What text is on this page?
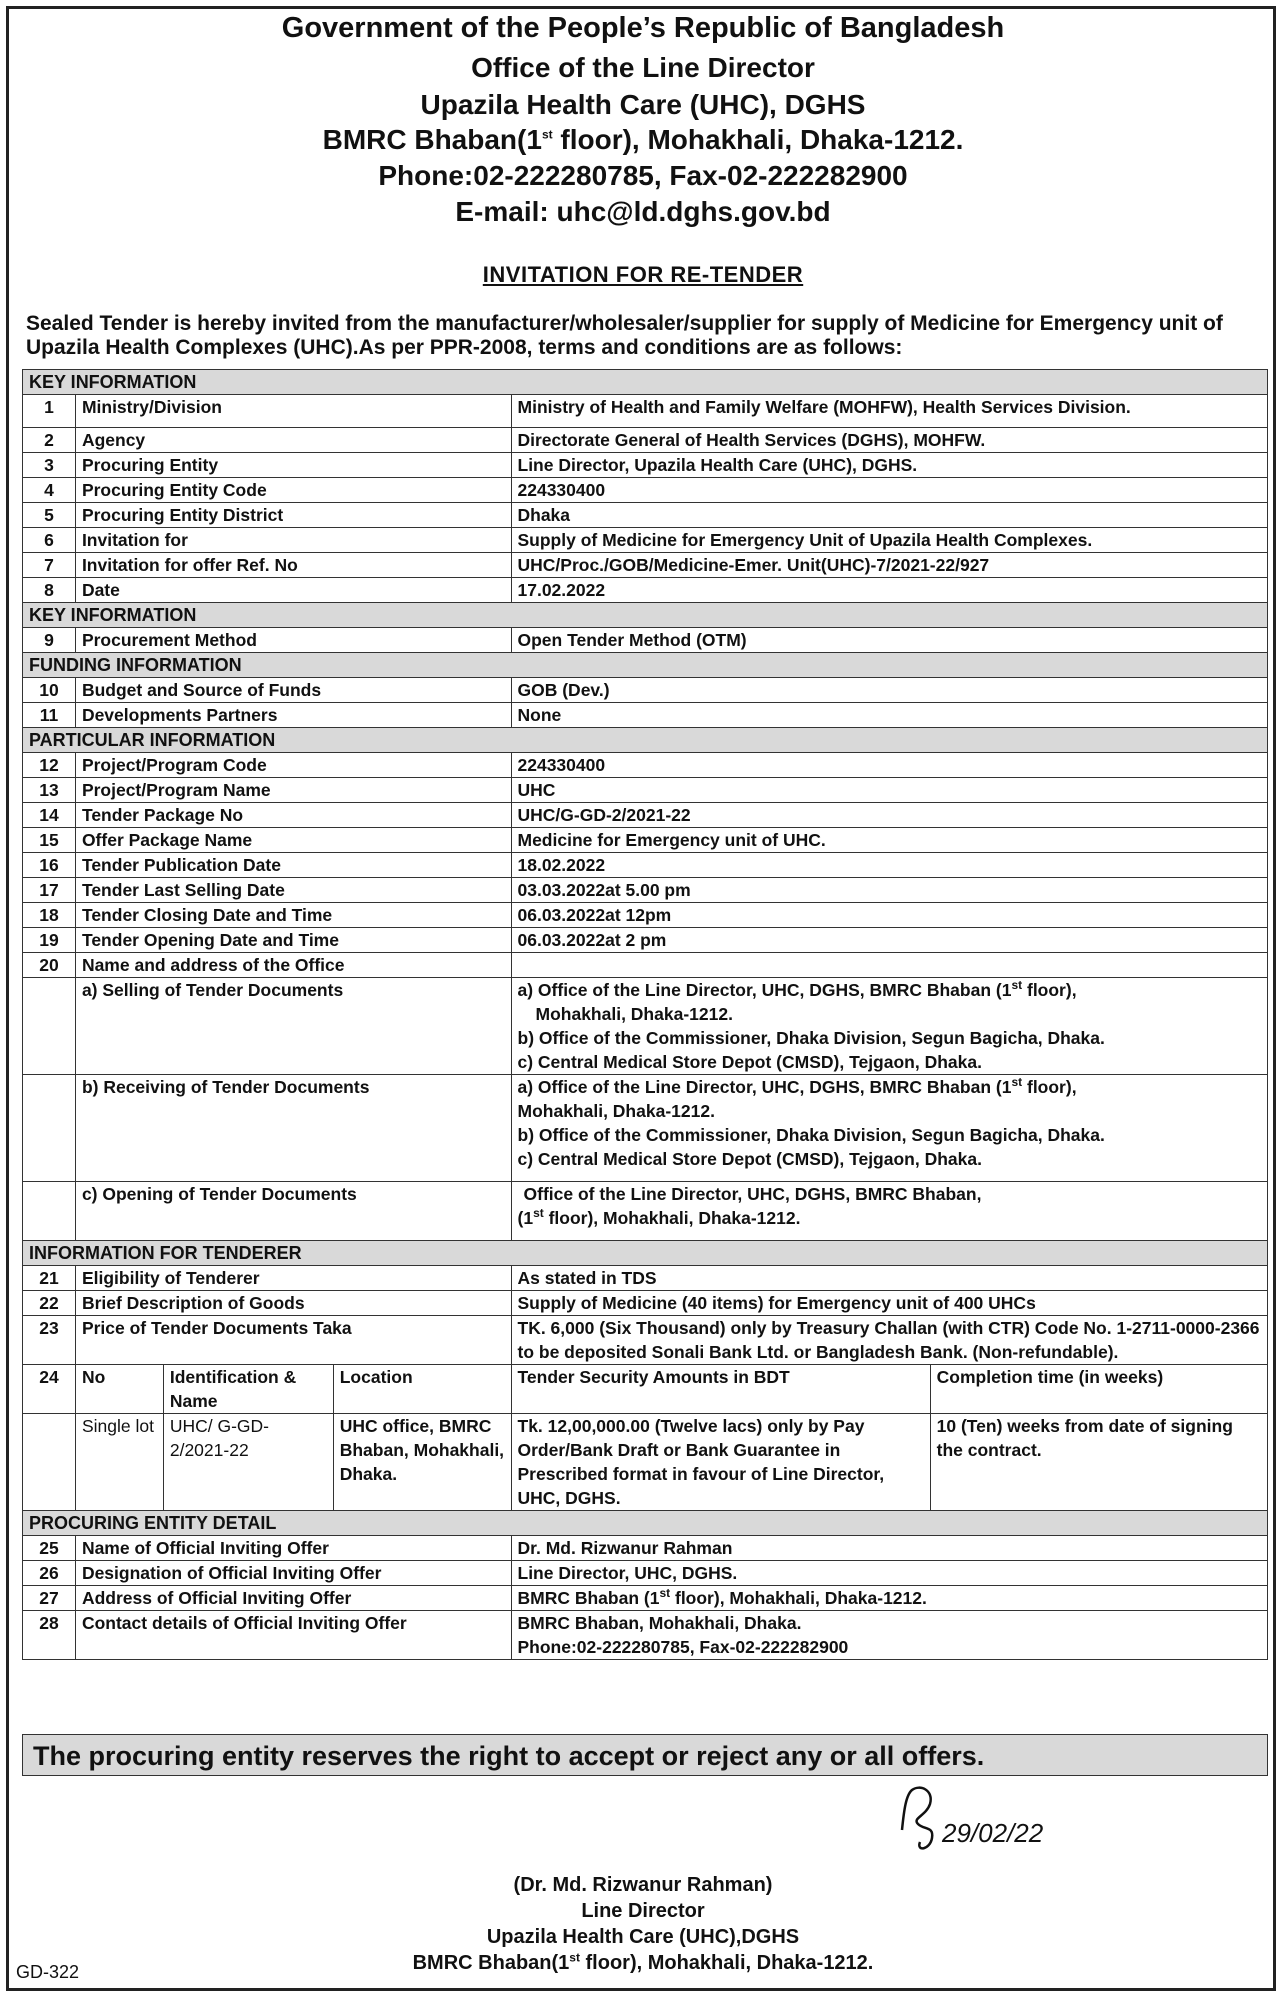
Government of the People’s Republic of Bangladesh
Office of the Line Director
Upazila Health Care (UHC), DGHS
BMRC Bhaban(1st floor), Mohakhali, Dhaka-1212.
Phone:02-222280785, Fax-02-222282900
E-mail: uhc@ld.dghs.gov.bd
INVITATION FOR RE-TENDER
Sealed Tender is hereby invited from the manufacturer/wholesaler/supplier for supply of Medicine for Emergency unit of Upazila Health Complexes (UHC).As per PPR-2008, terms and conditions are as follows:
KEY INFORMATION					
1	Ministry/Division			Ministry of Health and Family Welfare (MOHFW), Health Services Division.	
2	Agency			Directorate General of Health Services (DGHS), MOHFW.	
3	Procuring Entity			Line Director, Upazila Health Care (UHC), DGHS.	
4	Procuring Entity Code			224330400	
5	Procuring Entity District			Dhaka	
6	Invitation for			Supply of Medicine for Emergency Unit of Upazila Health Complexes.	
7	Invitation for offer Ref. No			UHC/Proc./GOB/Medicine-Emer. Unit(UHC)-7/2021-22/927	
8	Date			17.02.2022	
KEY INFORMATION					
9	Procurement Method			Open Tender Method (OTM)	
FUNDING INFORMATION					
10	Budget and Source of Funds			GOB (Dev.)	
11	Developments Partners			None	
PARTICULAR INFORMATION					
12	Project/Program Code			224330400	
13	Project/Program Name			UHC	
14	Tender Package No			UHC/G-GD-2/2021-22	
15	Offer Package Name			Medicine for Emergency unit of UHC.	
16	Tender Publication Date			18.02.2022	
17	Tender Last Selling Date			03.03.2022at 5.00 pm	
18	Tender Closing Date and Time			06.03.2022at 12pm	
19	Tender Opening Date and Time			06.03.2022at 2 pm	
20	Name and address of the Office				
	a) Selling of Tender Documents			a) Office of the Line Director, UHC, DGHS, BMRC Bhaban (1st floor),
Mohakhali, Dhaka-1212.
b) Office of the Commissioner, Dhaka Division, Segun Bagicha, Dhaka.
c) Central Medical Store Depot (CMSD), Tejgaon, Dhaka.	

	b) Receiving of Tender Documents			a) Office of the Line Director, UHC, DGHS, BMRC Bhaban (1st floor),
Mohakhali, Dhaka-1212.
b) Office of the Commissioner, Dhaka Division, Segun Bagicha, Dhaka.
c) Central Medical Store Depot (CMSD), Tejgaon, Dhaka.	

	c) Opening of Tender Documents			Office of the Line Director, UHC, DGHS, BMRC Bhaban,
(1st floor), Mohakhali, Dhaka-1212.	

INFORMATION FOR TENDERER					
21	Eligibility of Tenderer			As stated in TDS	
22	Brief Description of Goods			Supply of Medicine (40 items) for Emergency unit of 400 UHCs	
23	Price of Tender Documents Taka			TK. 6,000 (Six Thousand) only by Treasury Challan (with CTR) Code No. 1-2711-0000-2366 to be deposited Sonali Bank Ltd. or Bangladesh Bank. (Non-refundable).	
24	No	Identification & Name	Location	Tender Security Amounts in BDT	Completion time (in weeks)
	Single lot	UHC/ G-GD-2/2021-22	UHC office, BMRC Bhaban, Mohakhali, Dhaka.	Tk. 12,00,000.00 (Twelve lacs) only by Pay Order/Bank Draft or Bank Guarantee in Prescribed format in favour of Line Director, UHC, DGHS.	10 (Ten) weeks from date of signing the contract.
PROCURING ENTITY DETAIL					
25	Name of Official Inviting Offer			Dr. Md. Rizwanur Rahman	
26	Designation of Official Inviting Offer			Line Director, UHC, DGHS.	
27	Address of Official Inviting Offer			BMRC Bhaban (1st floor), Mohakhali, Dhaka-1212.	
28	Contact details of Official Inviting Offer			BMRC Bhaban, Mohakhali, Dhaka.
Phone:02-222280785, Fax-02-222282900	
The procuring entity reserves the right to accept or reject any or all offers.
29/02/22
(Dr. Md. Rizwanur Rahman)
Line Director
Upazila Health Care (UHC),DGHS
BMRC Bhaban(1st floor), Mohakhali, Dhaka-1212.
GD-322
